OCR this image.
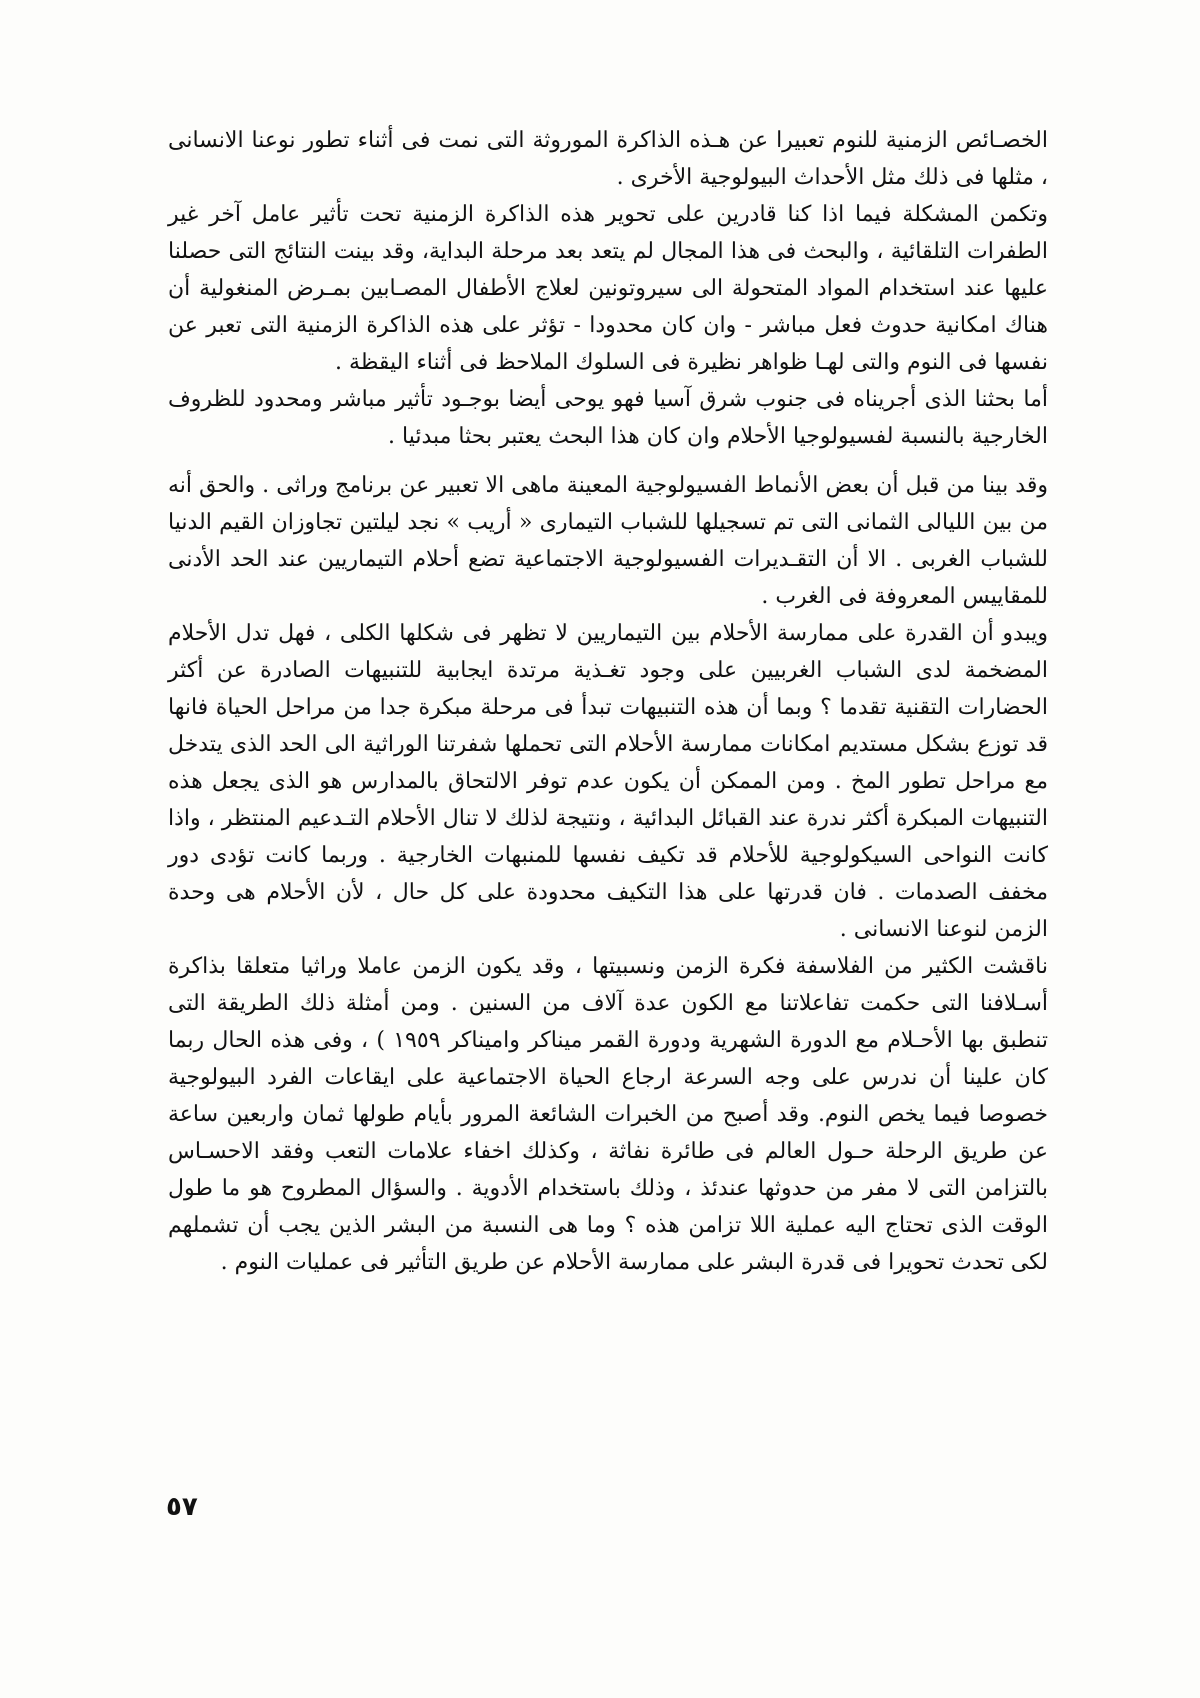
الخصـائص الزمنية للنوم تعبيرا عن هـذه الذاكرة الموروثة التى نمت فى أثناء تطور نوعنا الانسانى ، مثلها فى ذلك مثل الأحداث البيولوجية الأخرى .

وتكمن المشكلة فيما اذا كنا قادرين على تحوير هذه الذاكرة الزمنية تحت تأثير عامل آخر غير الطفرات التلقائية ، والبحث فى هذا المجال لم يتعد بعد مرحلة البداية، وقد بينت النتائج التى حصلنا عليها عند استخدام المواد المتحولة الى سيروتونين لعلاج الأطفال المصـابين بمـرض المنغولية أن هناك امكانية حدوث فعل مباشر - وان كان محدودا - تؤثر على هذه الذاكرة الزمنية التى تعبر عن نفسها فى النوم والتى لهـا ظواهر نظيرة فى السلوك الملاحظ فى أثناء اليقظة .

أما بحثنا الذى أجريناه فى جنوب شرق آسيا فهو يوحى أيضا بوجـود تأثير مباشر ومحدود للظروف الخارجية بالنسبة لفسيولوجيا الأحلام وان كان هذا البحث يعتبر بحثا مبدئيا .

وقد بينا من قبل أن بعض الأنماط الفسيولوجية المعينة ماهى الا تعبير عن برنامج وراثى . والحق أنه من بين الليالى الثمانى التى تم تسجيلها للشباب التيمارى « أريب » نجد ليلتين تجاوزان القيم الدنيا للشباب الغربى . الا أن التقـديرات الفسيولوجية الاجتماعية تضع أحلام التيماريين عند الحد الأدنى للمقاييس المعروفة فى الغرب .

ويبدو أن القدرة على ممارسة الأحلام بين التيماريين لا تظهر فى شكلها الكلى ، فهل تدل الأحلام المضخمة لدى الشباب الغربيين على وجود تغـذية مرتدة ايجابية للتنبيهات الصادرة عن أكثر الحضارات التقنية تقدما ؟ وبما أن هذه التنبيهات تبدأ فى مرحلة مبكرة جدا من مراحل الحياة فانها قد توزع بشكل مستديم امكانات ممارسة الأحلام التى تحملها شفرتنا الوراثية الى الحد الذى يتدخل مع مراحل تطور المخ . ومن الممكن أن يكون عدم توفر الالتحاق بالمدارس هو الذى يجعل هذه التنبيهات المبكرة أكثر ندرة عند القبائل البدائية ، ونتيجة لذلك لا تنال الأحلام التـدعيم المنتظر ، واذا كانت النواحى السيكولوجية للأحلام قد تكيف نفسها للمنبهات الخارجية . وربما كانت تؤدى دور مخفف الصدمات . فان قدرتها على هذا التكيف محدودة على كل حال ، لأن الأحلام هى وحدة الزمن لنوعنا الانسانى .

ناقشت الكثير من الفلاسفة فكرة الزمن ونسبيتها ، وقد يكون الزمن عاملا وراثيا متعلقا بذاكرة أسـلافنا التى حكمت تفاعلاتنا مع الكون عدة آلاف من السنين . ومن أمثلة ذلك الطريقة التى تنطبق بها الأحـلام مع الدورة الشهرية ودورة القمر ميناكر واميناكر ١٩٥٩ ) ، وفى هذه الحال ربما كان علينا أن ندرس على وجه السرعة ارجاع الحياة الاجتماعية على ايقاعات الفرد البيولوجية خصوصا فيما يخص النوم. وقد أصبح من الخبرات الشائعة المرور بأيام طولها ثمان واربعين ساعة عن طريق الرحلة حـول العالم فى طائرة نفاثة ، وكذلك اخفاء علامات التعب وفقد الاحسـاس بالتزامن التى لا مفر من حدوثها عندئذ ، وذلك باستخدام الأدوية . والسؤال المطروح هو ما طول الوقت الذى تحتاج اليه عملية اللا تزامن هذه ؟ وما هى النسبة من البشر الذين يجب أن تشملهم لكى تحدث تحويرا فى قدرة البشر على ممارسة الأحلام عن طريق التأثير فى عمليات النوم .

٥٧
